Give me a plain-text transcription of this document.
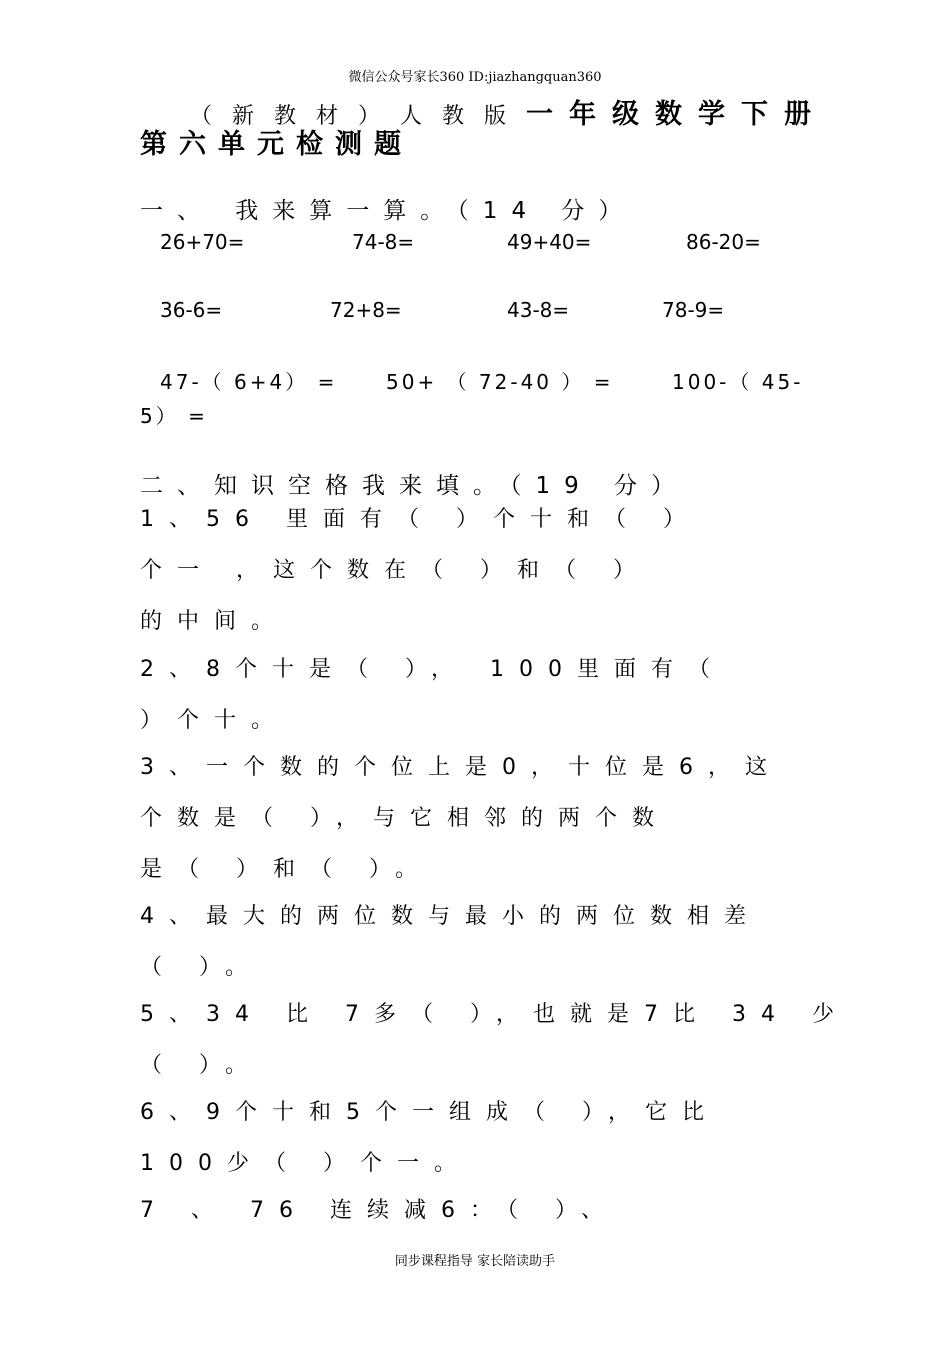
微信公众号家长360 ID:jiazhangquan360
（新教材）人教版一年级数学下册
第六单元检测题
一、 我来算一算。（14 分）
26+70=	74-8=	49+40=	86-20=
36-6=	72+8=	43-8=	78-9=
47-（ 6+4） = 50+ （ 72-40 ） =	100-（ 45-
5） =
二、知识空格我来填。（19 分）
1、56 里面有（ ）个十和（ ）
个一 ，这个数在（ ）和（ ）
的中间。
2、8个十是（ ）， 100里面有（
）个十。
3、一个数的个位上是0，十位是6，这
个数是（ ），与它相邻的两个数
是（ ）和（ ）。
4、最大的两位数与最小的两位数相差
（ ）。
5、34 比 7多（ ），也就是7比 34 少
（ ）。
6、9个十和5个一组成（ ），它比
100少（ ）个一。
7 、 76 连续减6：（ ）、
同步课程指导 家长陪读助手
